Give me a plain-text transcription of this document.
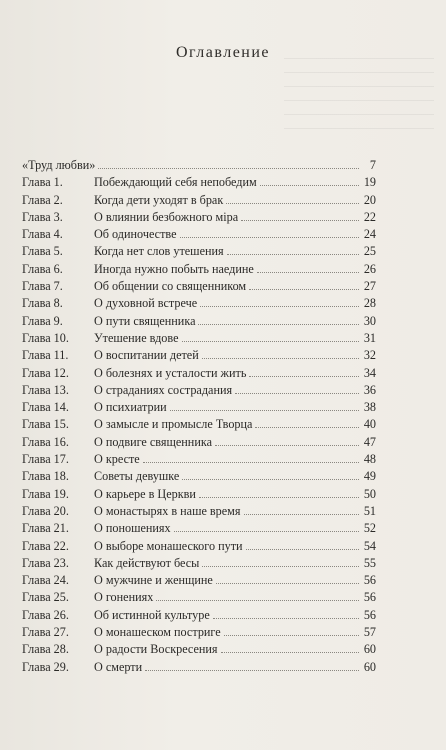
Оглавление
«Труд любви»	7
Глава 1.	Побеждающий себя непобедим	19
Глава 2.	Когда дети уходят в брак	20
Глава 3.	О влиянии безбожного міра	22
Глава 4.	Об одиночестве	24
Глава 5.	Когда нет слов утешения	25
Глава 6.	Иногда нужно побыть наедине	26
Глава 7.	Об общении со священником	27
Глава 8.	О духовной встрече	28
Глава 9.	О пути священника	30
Глава 10.	Утешение вдове	31
Глава 11.	О воспитании детей	32
Глава 12.	О болезнях и усталости жить	34
Глава 13.	О страданиях сострадания	36
Глава 14.	О психиатрии	38
Глава 15.	О замысле и промысле Творца	40
Глава 16.	О подвиге священника	47
Глава 17.	О кресте	48
Глава 18.	Советы девушке	49
Глава 19.	О карьере в Церкви	50
Глава 20.	О монастырях в наше время	51
Глава 21.	О поношениях	52
Глава 22.	О выборе монашеского пути	54
Глава 23.	Как действуют бесы	55
Глава 24.	О мужчине и женщине	56
Глава 25.	О гонениях	56
Глава 26.	Об истинной культуре	56
Глава 27.	О монашеском постриге	57
Глава 28.	О радости Воскресения	60
Глава 29.	О смерти	60
